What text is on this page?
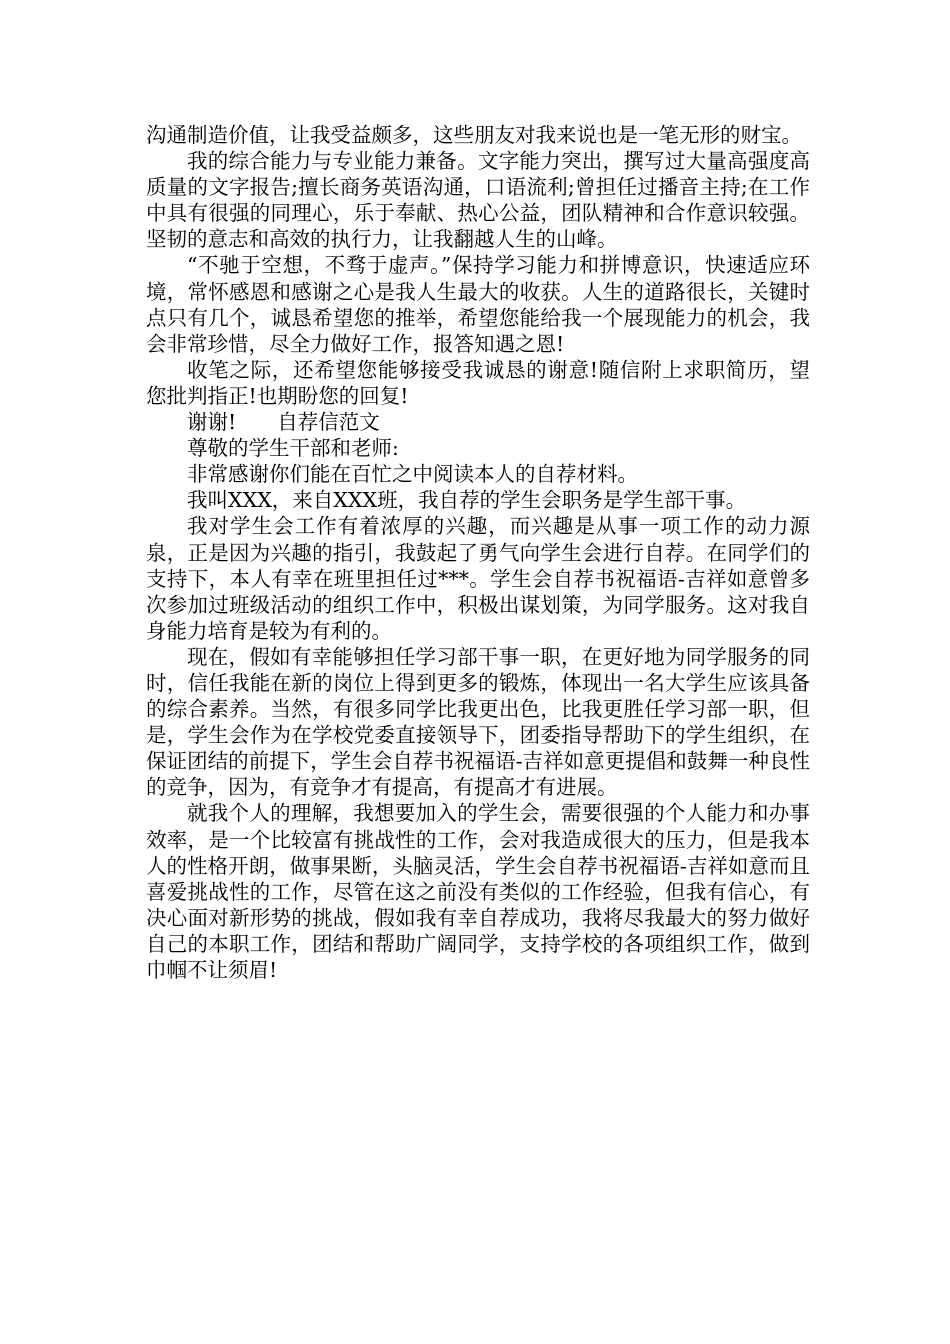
沟通制造价值，让我受益颇多，这些朋友对我来说也是一笔无形的财宝。

我的综合能力与专业能力兼备。文字能力突出，撰写过大量高强度高质量的文字报告;擅长商务英语沟通，口语流利;曾担任过播音主持;在工作中具有很强的同理心，乐于奉献、热心公益，团队精神和合作意识较强。坚韧的意志和高效的执行力，让我翻越人生的山峰。

“不驰于空想，不骛于虚声。”保持学习能力和拼博意识，快速适应环境，常怀感恩和感谢之心是我人生最大的收获。人生的道路很长，关键时点只有几个，诚恳希望您的推举，希望您能给我一个展现能力的机会，我会非常珍惜，尽全力做好工作，报答知遇之恩!

收笔之际，还希望您能够接受我诚恳的谢意!随信附上求职简历，望您批判指正!也期盼您的回复!

谢谢!　　自荐信范文

尊敬的学生干部和老师:

非常感谢你们能在百忙之中阅读本人的自荐材料。

我叫XXX，来自XXX班，我自荐的学生会职务是学生部干事。

我对学生会工作有着浓厚的兴趣，而兴趣是从事一项工作的动力源泉，正是因为兴趣的指引，我鼓起了勇气向学生会进行自荐。在同学们的支持下，本人有幸在班里担任过***。学生会自荐书祝福语-吉祥如意曾多次参加过班级活动的组织工作中，积极出谋划策，为同学服务。这对我自身能力培育是较为有利的。

现在，假如有幸能够担任学习部干事一职，在更好地为同学服务的同时，信任我能在新的岗位上得到更多的锻炼，体现出一名大学生应该具备的综合素养。当然，有很多同学比我更出色，比我更胜任学习部一职，但是，学生会作为在学校党委直接领导下，团委指导帮助下的学生组织，在保证团结的前提下，学生会自荐书祝福语-吉祥如意更提倡和鼓舞一种良性的竞争，因为，有竞争才有提高，有提高才有进展。

就我个人的理解，我想要加入的学生会，需要很强的个人能力和办事效率，是一个比较富有挑战性的工作，会对我造成很大的压力，但是我本人的性格开朗，做事果断，头脑灵活，学生会自荐书祝福语-吉祥如意而且喜爱挑战性的工作，尽管在这之前没有类似的工作经验，但我有信心，有决心面对新形势的挑战，假如我有幸自荐成功，我将尽我最大的努力做好自己的本职工作，团结和帮助广阔同学，支持学校的各项组织工作，做到巾帼不让须眉!
